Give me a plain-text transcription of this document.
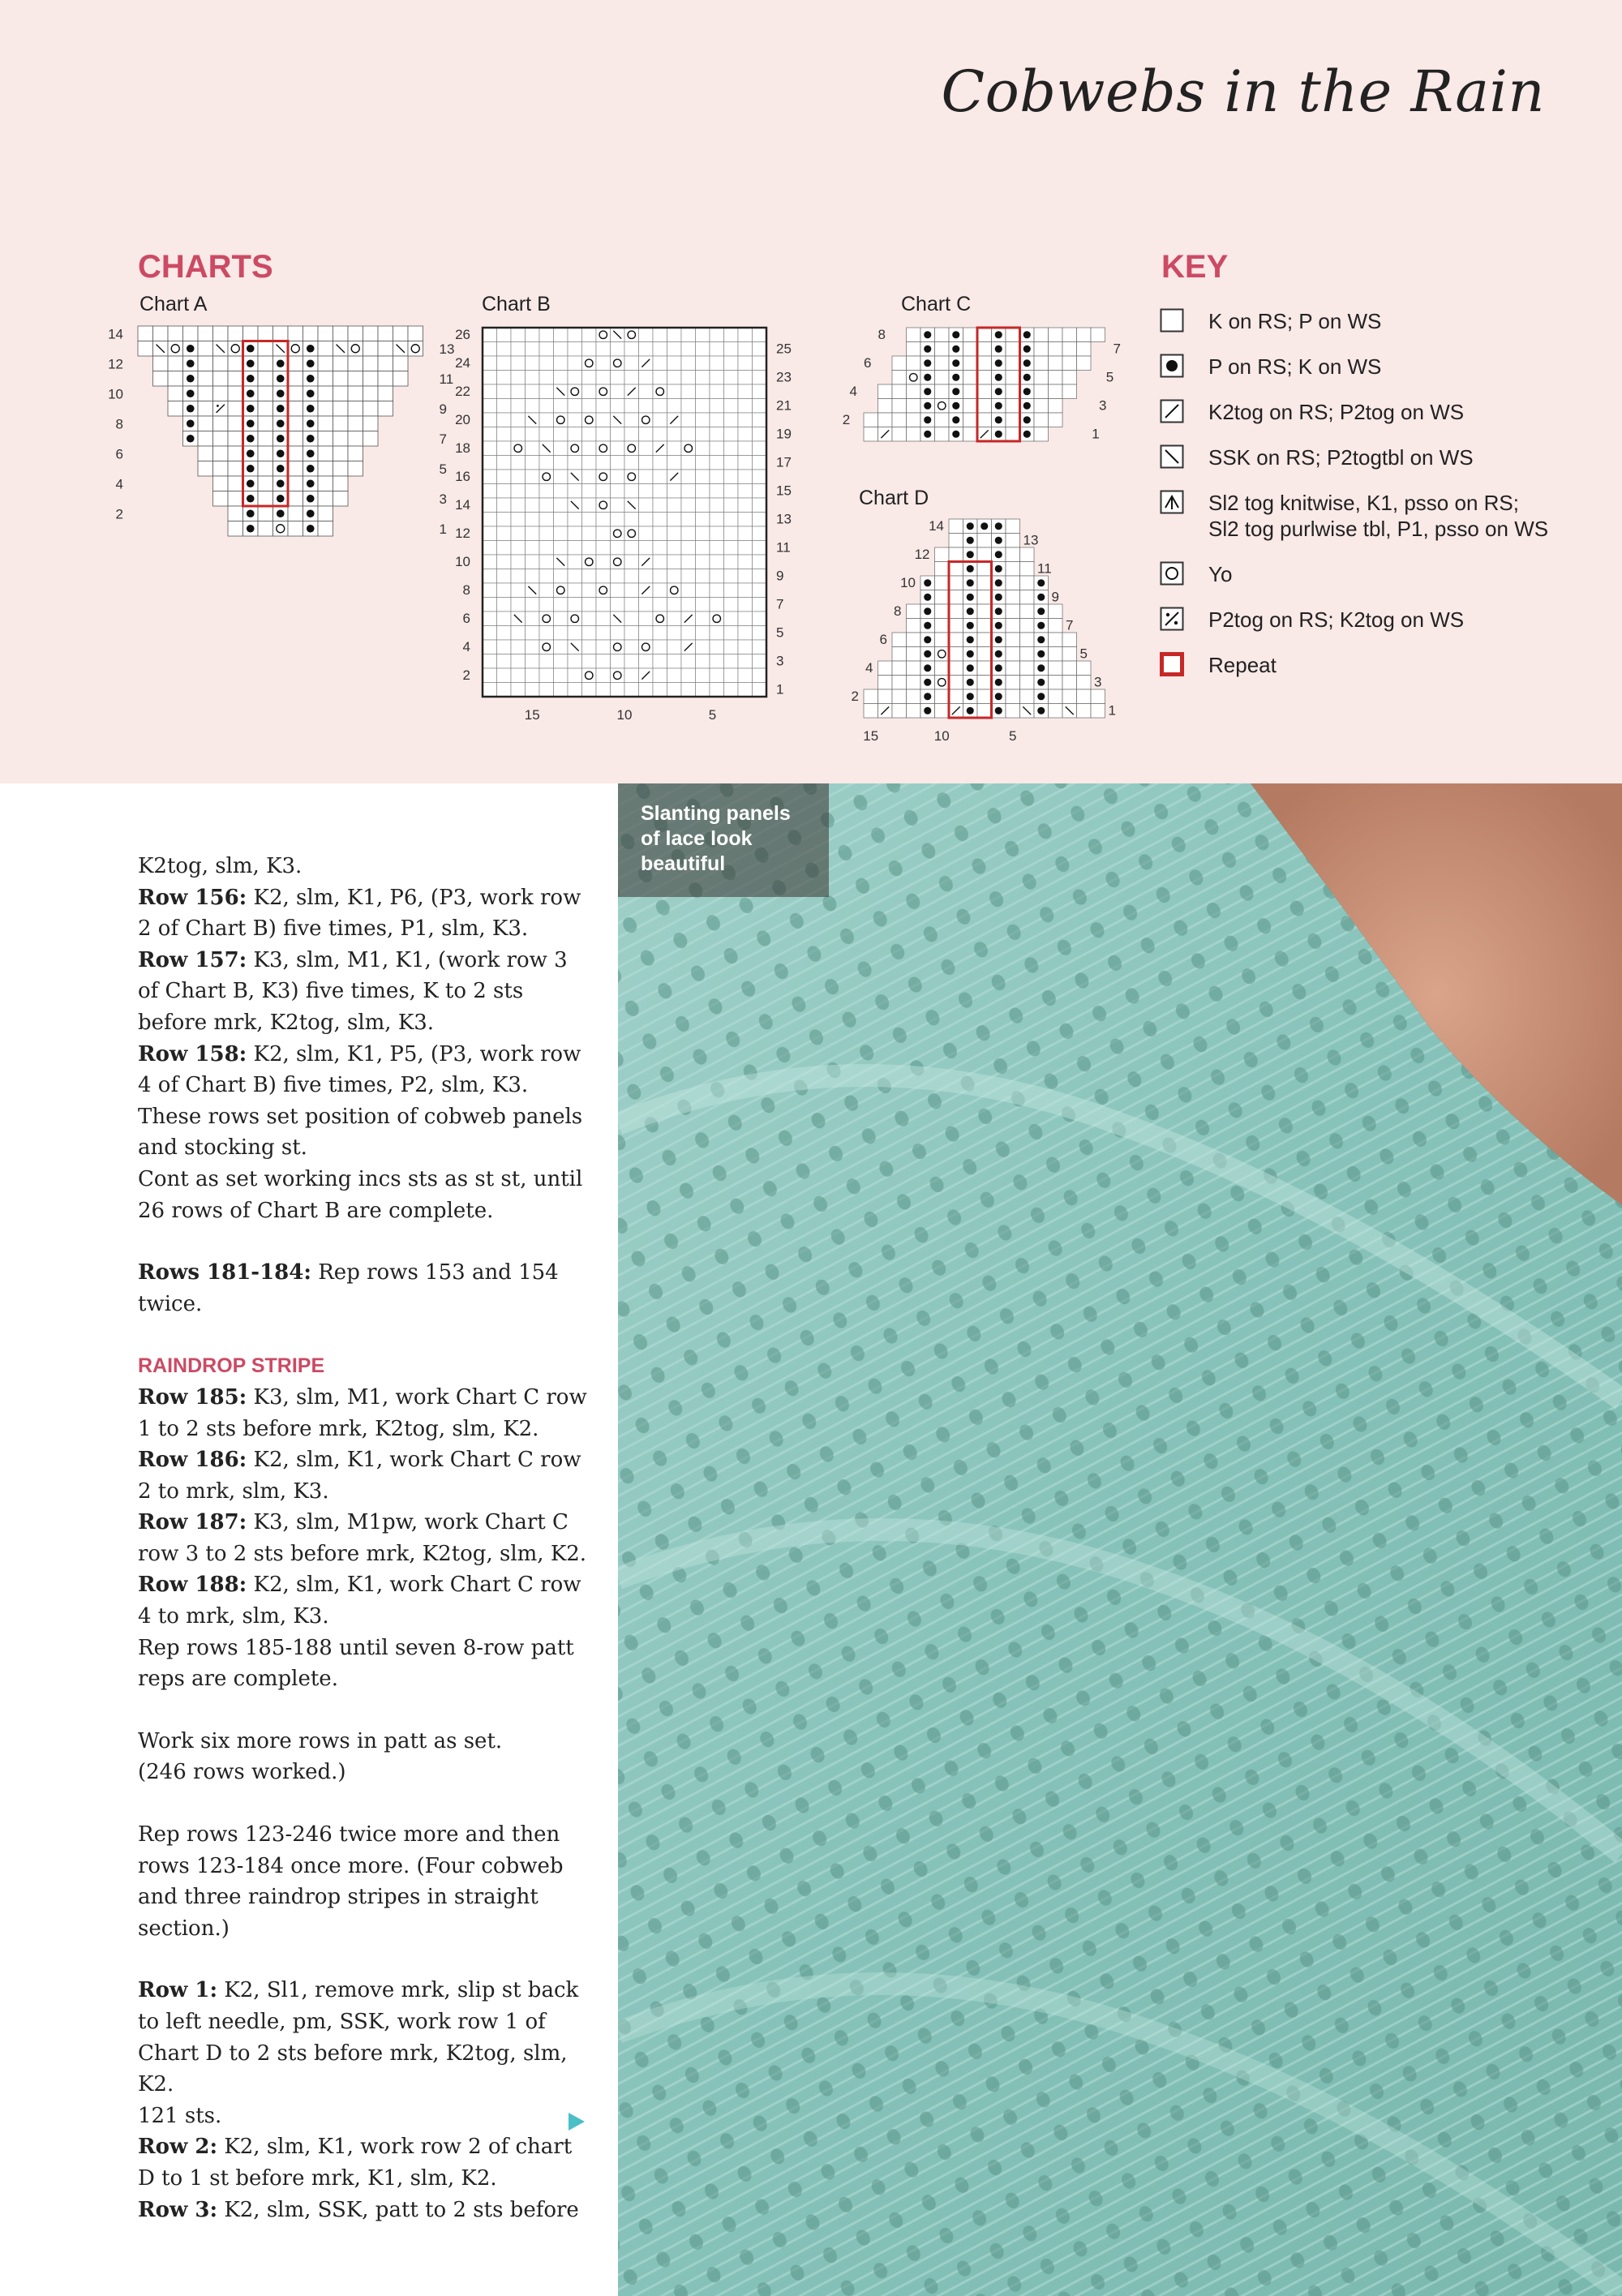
Cobwebs in the Rain
CHARTS	KEY
Chart A
14
12
10
8
6
4
2
13
11
9
7
5
3
1
Chart B
26
24
22
20
18
16
14
12
10
8
6
4
2
25
23
21
19
17
15
13
11
9
7
5
3
1
15	10	5
Chart C
8
6
4
2
7
5
3
1
Chart D
14
12
10
8
6
4
2
13
11
9
7
5
3
1
15	10	5
K on RS; P on WS
P on RS; K on WS
K2tog on RS; P2tog on WS
SSK on RS; P2togtbl on WS
Sl2 tog knitwise, K1, psso on RS;
Sl2 tog purlwise tbl, P1, psso on WS
Yo
P2tog on RS; K2tog on WS
Repeat

K2tog, slm, K3.

Row 156: K2, slm, K1, P6, (P3, work row 2 of Chart B) five times, P1, slm, K3.

Row 157: K3, slm, M1, K1, (work row 3 of Chart B, K3) five times, K to 2 sts before mrk, K2tog, slm, K3.

Row 158: K2, slm, K1, P5, (P3, work row 4 of Chart B) five times, P2, slm, K3.

These rows set position of cobweb panels and stocking st.

Cont as set working incs sts as st st, until 26 rows of Chart B are complete.

Rows 181-184: Rep rows 153 and 154 twice.

RAINDROP STRIPE

Row 185: K3, slm, M1, work Chart C row 1 to 2 sts before mrk, K2tog, slm, K2.

Row 186: K2, slm, K1, work Chart C row 2 to mrk, slm, K3.

Row 187: K3, slm, M1pw, work Chart C row 3 to 2 sts before mrk, K2tog, slm, K2.

Row 188: K2, slm, K1, work Chart C row 4 to mrk, slm, K3.

Rep rows 185-188 until seven 8-row patt reps are complete.

Work six more rows in patt as set.

(246 rows worked.)

Rep rows 123-246 twice more and then rows 123-184 once more. (Four cobweb and three raindrop stripes in straight section.)

Row 1: K2, Sl1, remove mrk, slip st back to left needle, pm, SSK, work row 1 of Chart D to 2 sts before mrk, K2tog, slm, K2.

121 sts.

Row 2: K2, slm, K1, work row 2 of chart D to 1 st before mrk, K1, slm, K2.

Row 3: K2, slm, SSK, patt to 2 sts before

Slanting panels of lace look beautiful
